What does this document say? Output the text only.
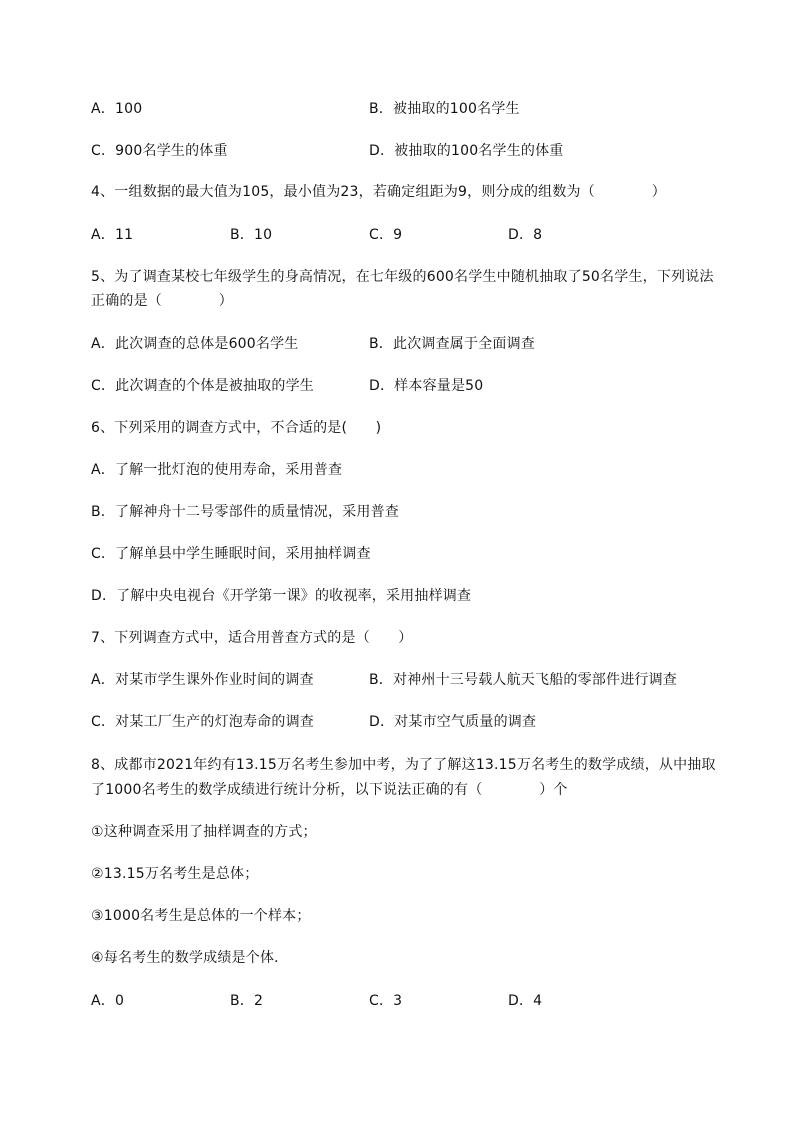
A．100	B．被抽取的100名学生
C．900名学生的体重	D．被抽取的100名学生的体重
4、一组数据的最大值为105，最小值为23，若确定组距为9，则分成的组数为（　　　　）
A．11	B．10	C．9	D．8
5、为了调查某校七年级学生的身高情况，在七年级的600名学生中随机抽取了50名学生，下列说法
正确的是（　　　　）
A．此次调查的总体是600名学生	B．此次调查属于全面调查
C．此次调查的个体是被抽取的学生	D．样本容量是50
6、下列采用的调查方式中，不合适的是(　　)
A．了解一批灯泡的使用寿命，采用普查
B．了解神舟十二号零部件的质量情况，采用普查
C．了解单县中学生睡眠时间，采用抽样调查
D．了解中央电视台《开学第一课》的收视率，采用抽样调查
7、下列调查方式中，适合用普查方式的是（　　）
A．对某市学生课外作业时间的调查	B．对神州十三号载人航天飞船的零部件进行调查
C．对某工厂生产的灯泡寿命的调查	D．对某市空气质量的调查
8、成都市2021年约有13.15万名考生参加中考，为了了解这13.15万名考生的数学成绩，从中抽取
了1000名考生的数学成绩进行统计分析，以下说法正确的有（　　　　）个
①这种调查采用了抽样调查的方式；
②13.15万名考生是总体；
③1000名考生是总体的一个样本；
④每名考生的数学成绩是个体．
A．0	B．2	C．3	D．4
